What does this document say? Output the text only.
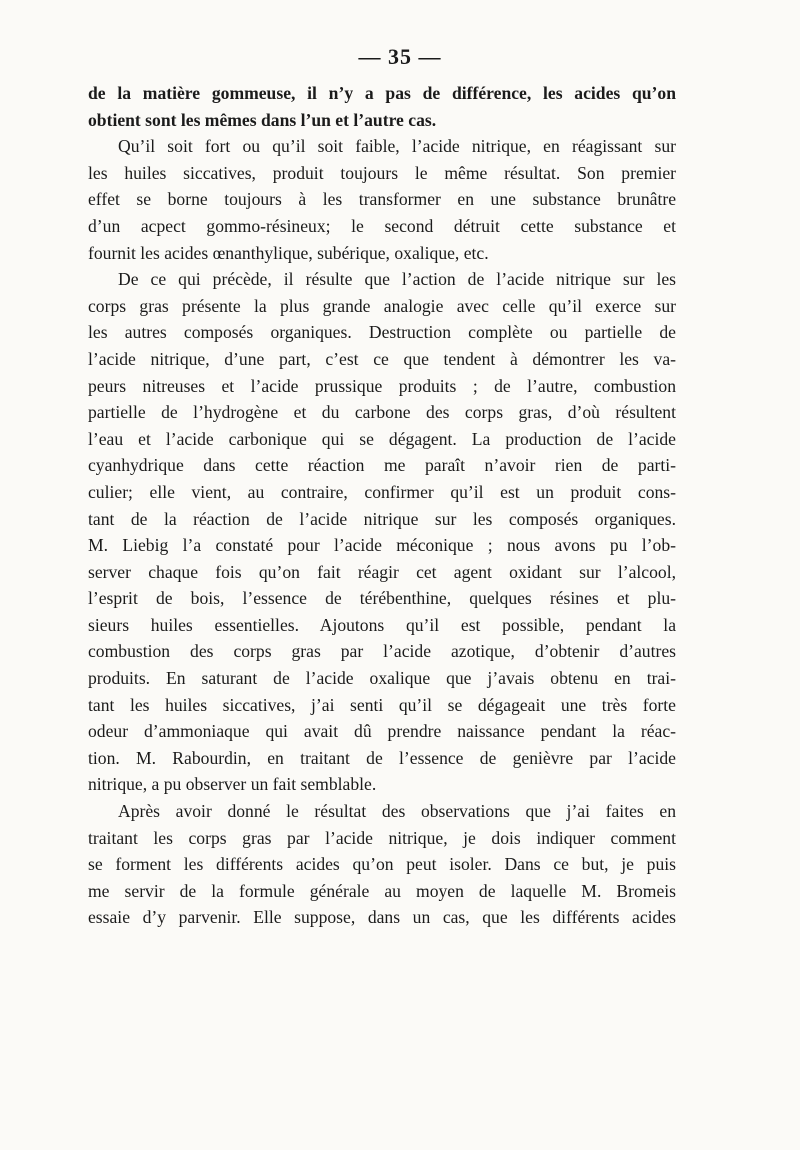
— 35 —
de la matière gommeuse, il n’y a pas de différence, les acides qu’on
obtient sont les mêmes dans l’un et l’autre cas.
Qu’il soit fort ou qu’il soit faible, l’acide nitrique, en réagissant sur
les huiles siccatives, produit toujours le même résultat. Son premier
effet se borne toujours à les transformer en une substance brunâtre
d’un acpect gommo-résineux; le second détruit cette substance et
fournit les acides œnanthylique, subérique, oxalique, etc.
De ce qui précède, il résulte que l’action de l’acide nitrique sur les
corps gras présente la plus grande analogie avec celle qu’il exerce sur
les autres composés organiques. Destruction complète ou partielle de
l’acide nitrique, d’une part, c’est ce que tendent à démontrer les va-
peurs nitreuses et l’acide prussique produits ; de l’autre, combustion
partielle de l’hydrogène et du carbone des corps gras, d’où résultent
l’eau et l’acide carbonique qui se dégagent. La production de l’acide
cyanhydrique dans cette réaction me paraît n’avoir rien de parti-
culier; elle vient, au contraire, confirmer qu’il est un produit cons-
tant de la réaction de l’acide nitrique sur les composés organiques.
M. Liebig l’a constaté pour l’acide méconique ; nous avons pu l’ob-
server chaque fois qu’on fait réagir cet agent oxidant sur l’alcool,
l’esprit de bois, l’essence de térébenthine, quelques résines et plu-
sieurs huiles essentielles. Ajoutons qu’il est possible, pendant la
combustion des corps gras par l’acide azotique, d’obtenir d’autres
produits. En saturant de l’acide oxalique que j’avais obtenu en trai-
tant les huiles siccatives, j’ai senti qu’il se dégageait une très forte
odeur d’ammoniaque qui avait dû prendre naissance pendant la réac-
tion. M. Rabourdin, en traitant de l’essence de genièvre par l’acide
nitrique, a pu observer un fait semblable.
Après avoir donné le résultat des observations que j’ai faites en
traitant les corps gras par l’acide nitrique, je dois indiquer comment
se forment les différents acides qu’on peut isoler. Dans ce but, je puis
me servir de la formule générale au moyen de laquelle M. Bromeis
essaie d’y parvenir. Elle suppose, dans un cas, que les différents acides
